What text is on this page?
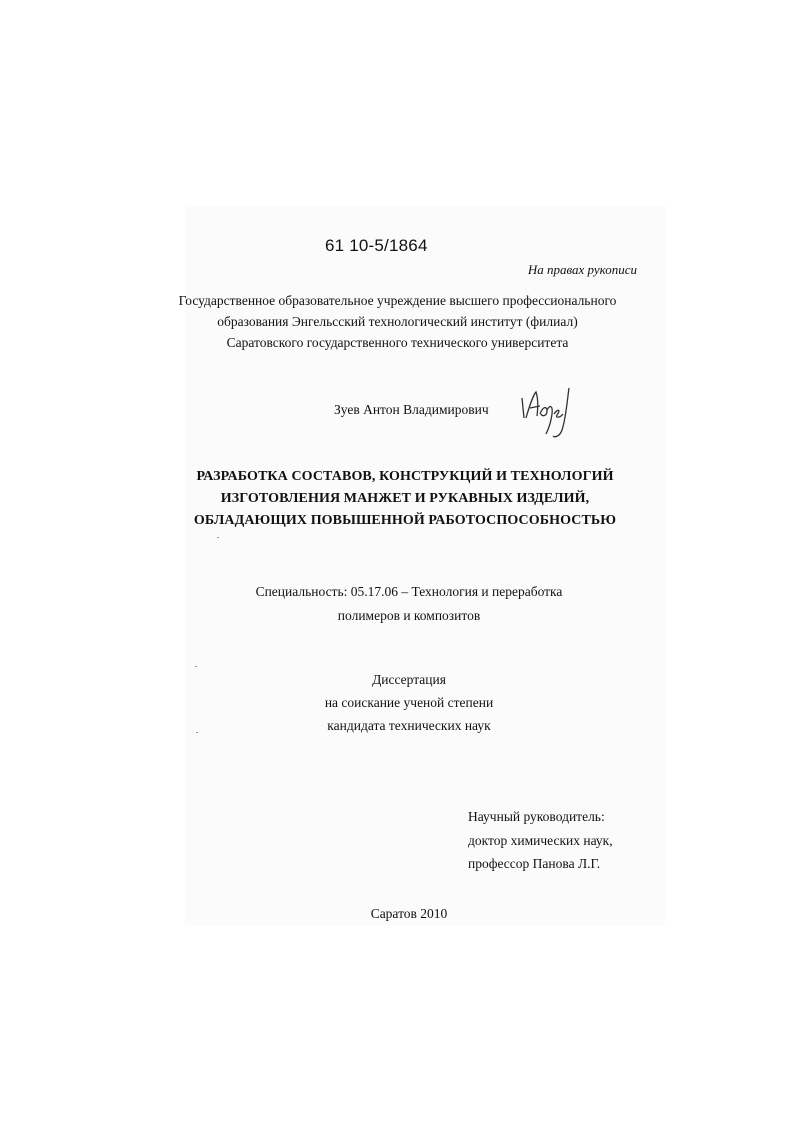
61 10-5/1864
На правах рукописи
Государственное образовательное учреждение высшего профессионального
образования Энгельсский технологический институт (филиал)
Саратовского государственного технического университета
Зуев Антон Владимирович
РАЗРАБОТКА СОСТАВОВ, КОНСТРУКЦИЙ И ТЕХНОЛОГИЙ
ИЗГОТОВЛЕНИЯ МАНЖЕТ И РУКАВНЫХ ИЗДЕЛИЙ,
ОБЛАДАЮЩИХ ПОВЫШЕННОЙ РАБОТОСПОСОБНОСТЬЮ
Специальность: 05.17.06 – Технология и переработка
полимеров и композитов
Диссертация
на соискание ученой степени
кандидата технических наук
Научный руководитель:
доктор химических наук,
профессор Панова Л.Г.
Саратов 2010
